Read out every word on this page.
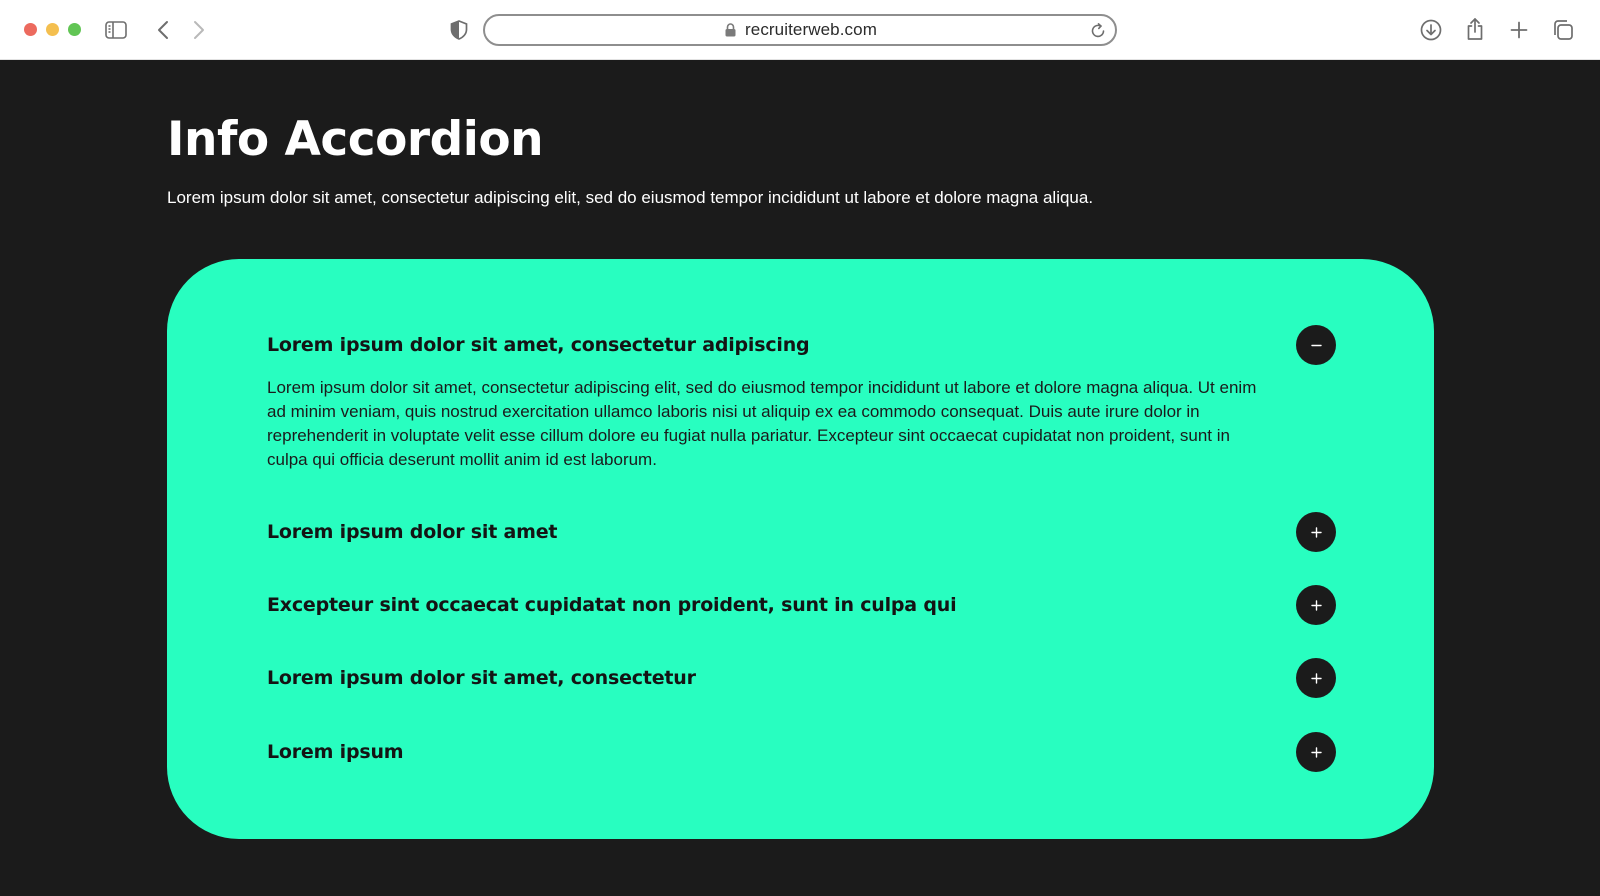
recruiterweb.com
Info Accordion

Lorem ipsum dolor sit amet, consectetur adipiscing elit, sed do eiusmod tempor incididunt ut labore et dolore magna aliqua.

Lorem ipsum dolor sit amet, consectetur adipiscing

Lorem ipsum dolor sit amet, consectetur adipiscing elit, sed do eiusmod tempor incididunt ut labore et dolore magna aliqua. Ut enim ad minim veniam, quis nostrud exercitation ullamco laboris nisi ut aliquip ex ea commodo consequat. Duis aute irure dolor in reprehenderit in voluptate velit esse cillum dolore eu fugiat nulla pariatur. Excepteur sint occaecat cupidatat non proident, sunt in culpa qui officia deserunt mollit anim id est laborum.

Lorem ipsum dolor sit amet
Excepteur sint occaecat cupidatat non proident, sunt in culpa qui
Lorem ipsum dolor sit amet, consectetur
Lorem ipsum
